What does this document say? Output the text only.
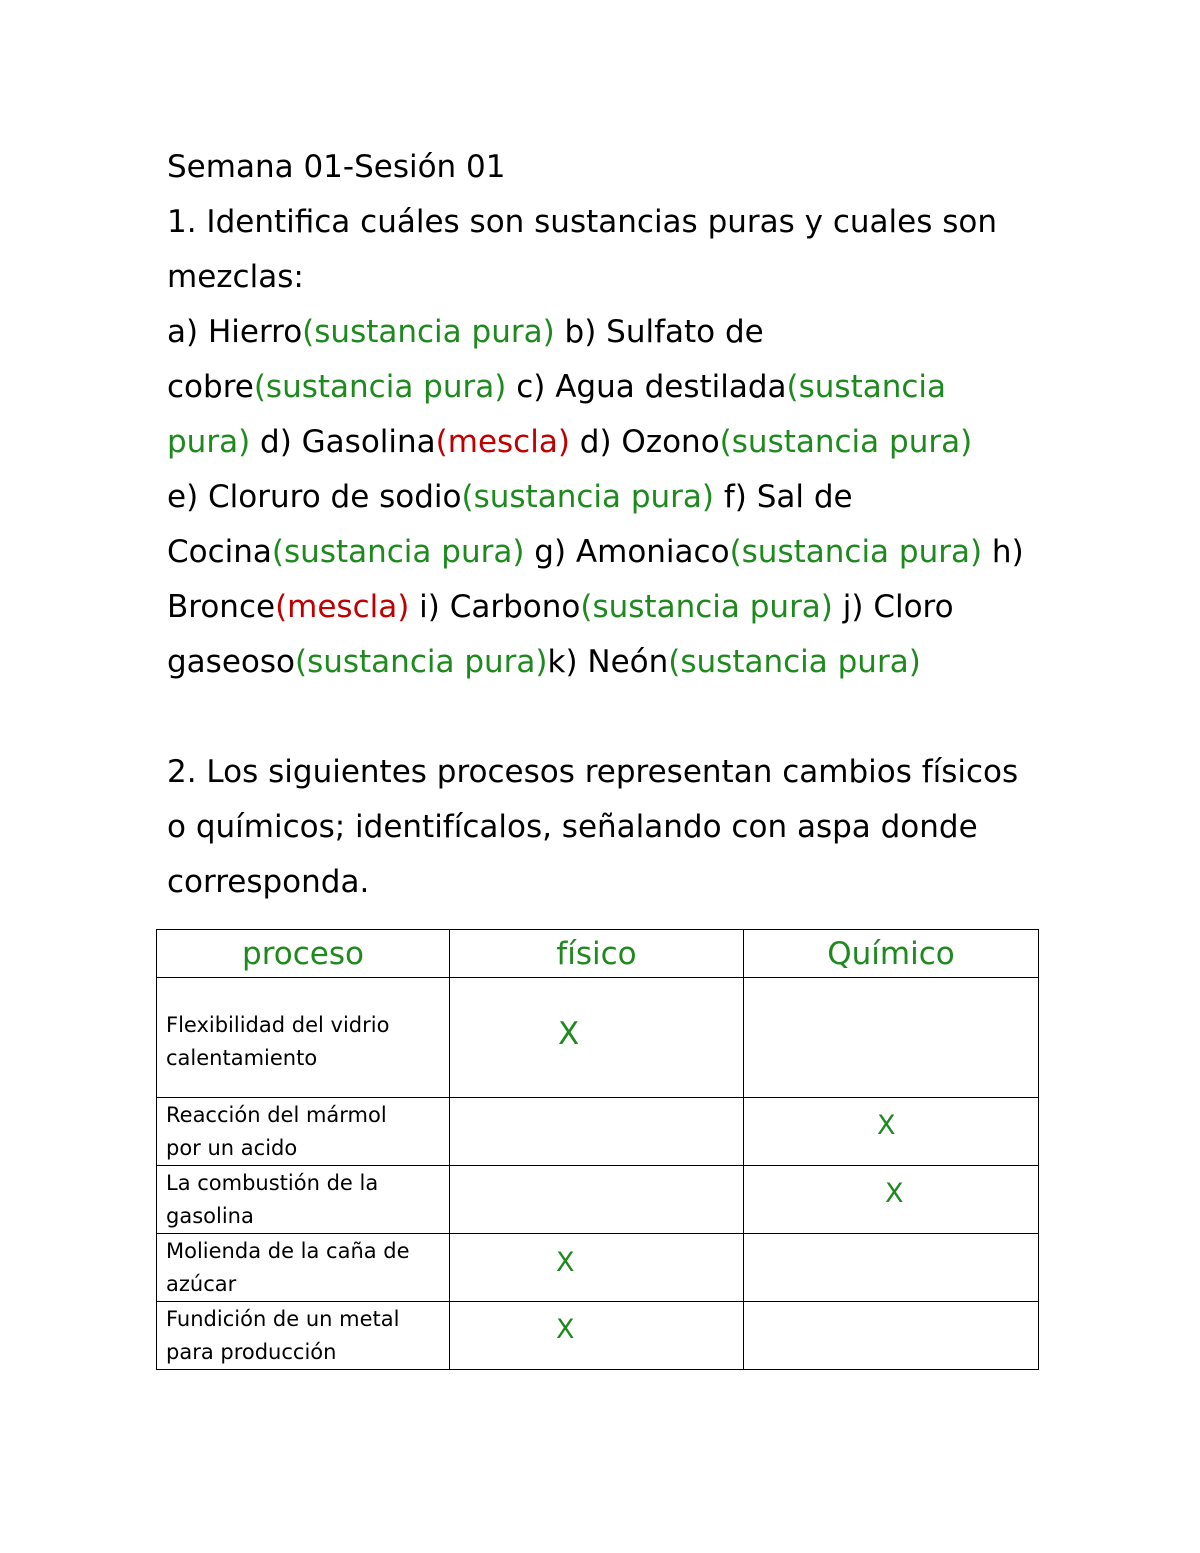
Semana 01-Sesión 01
1. Identifica cuáles son sustancias puras y cuales son
mezclas:
a) Hierro(sustancia pura) b) Sulfato de
cobre(sustancia pura) c) Agua destilada(sustancia
pura) d) Gasolina(mescla) d) Ozono(sustancia pura)
e) Cloruro de sodio(sustancia pura) f) Sal de
Cocina(sustancia pura) g) Amoniaco(sustancia pura) h)
Bronce(mescla) i) Carbono(sustancia pura) j) Cloro
gaseoso(sustancia pura)k) Neón(sustancia pura)
2. Los siguientes procesos representan cambios físicos
o químicos; identifícalos, señalando con aspa donde
corresponda.
proceso	físico	Químico
Flexibilidad del vidrio
calentamiento	X	

Reacción del mármol
por un acido		X

La combustión de la
gasolina		X

Molienda de la caña de
azúcar	X	

Fundición de un metal
para producción	X	
